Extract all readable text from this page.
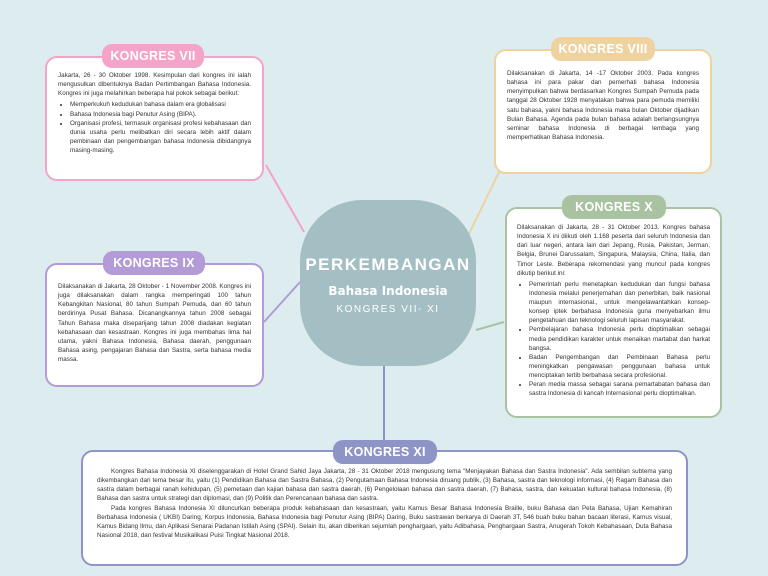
PERKEMBANGAN
Bahasa Indonesia
KONGRES VII- XI

Jakarta, 26 - 30 Oktober 1998. Kesimpulan dari kongres ini ialah mengusulkan dibentuknya Badan Pertimbangan Bahasa Indonesia. Kongres ini juga melahirkan beberapa hal pokok sebagai berikut:

• Memperkukuh kedudukan bahasa dalam era globalisasi
• Bahasa Indonesia bagi Penutur Asing (BIPA).
• Organisasi profesi, termasuk organisasi profesi kebahasaan dan dunia usaha perlu melibatkan diri secara lebih aktif dalam pembinaan dan pengembangan bahasa Indonesia dibidangnya masing-masing.
KONGRES VII

Dilaksanakan di Jakarta, 14 -17 Oktober 2003. Pada kongres bahasa ini para pakar dan pemerhati bahasa Indonesia menyimpulkan bahwa berdasarkan Kongres Sumpah Pemuda pada tanggal 28 Oktober 1928 menyatakan bahwa para pemuda memiliki satu bahasa, yakni bahasa Indonesia maka bulan Oktober dijadikan Bulan Bahasa. Agenda pada bulan bahasa adalah berlangsungnya seminar bahasa Indonesia di berbagai lembaga yang memperhatikan Bahasa Indonesia.

KONGRES VIII

Dilaksanakan di Jakarta, 28 Oktober - 1 November 2008. Kongres ini juga dilaksanakan dalam rangka memperingati 100 tahun Kebangkitan Nasional, 80 tahun Sumpah Pemuda, dan 60 tahun berdirinya Pusat Bahasa. Dicanangkannya tahun 2008 sebagai Tahun Bahasa maka diseparijang tahun 2008 diadakan kegiatan kebahasaan dan kesastraan. Kongres ini juga membahas lima hal utama, yakni Bahasa Indonesia, Bahasa daerah, penggunaan Bahasa asing, pengajaran Bahasa dan Sastra, serta bahasa media massa.

KONGRES IX

Dilaksanakan di Jakarta, 28 - 31 Oktober 2013. Kongres bahasa Indonesia X ini diikuti oleh 1.168 peserta dari seluruh Indonesia dan dari luar negeri, antara lain dari Jepang, Rusia, Pakistan, Jerman, Belgia, Brunei Darussalam, Singapura, Malaysia, China, Italia, dan Timor Leste. Beberapa rekomendasi yang muncul pada kongres dikutip berikut ini:

• Pemerintah perlu menetapkan kedudukan dan fungsi bahasa Indonesia melalui penerjemahan dan penerbitan, baik nasional maupun internasional., untuk mengelawantahkan konsep- konsep iptek berbahasa Indonesia guna menyebarkan ilmu pengetahuan dan teknologi seluruh lapisan masyarakat.
• Pembelajaran bahasa Indonesia perlu dioptimalkan sebagai media pendidikan karakter untuk menaikan martabat dan harkat bangsa.
• Badan Pengembangan dan Pembinaan Bahasa perlu meningkatkan pengawasan penggunaan bahasa untuk menciptakan tertib berbahasa secara profesional.
• Peran media massa sebagai sarana pemartabatan bahasa dan sastra Indonesia di kancah Internasional perlu dioptimalkan.
KONGRES X

Kongres Bahasa Indonesia XI diselenggarakan di Hotel Grand Sahid Jaya Jakarta, 28 - 31 Oktober 2018 mengusung tema "Menjayakan Bahasa dan Sastra Indonesia". Ada sembilan subtema yang dikembangkan dari tema besar itu, yaitu (1) Pendidikan Bahasa dan Sastra Bahasa, (2) Pengutamaan Bahasa Indonesia diruang publik, (3) Bahasa, sastra dan teknologi informasi, (4) Ragam Bahasa dan sastra dalam berbagai ranah kehidupan, (5) pemetaan dan kajian bahasa dan sastra daerah, (6) Pengelolaan bahasa dan sastra daerah, (7) Bahasa, sastra, dan kekuatan kultural bahasa Indonesia, (8) Bahasa dan sastra untuk strategi dan diplomasi, dan (9) Politik dan Perencanaan bahasa dan sastra.

Pada kongres Bahasa Indonesia XI diluncurkan beberapa produk kebahasaan dan kesastraan, yaitu Kamus Besar Bahasa Indonesia Braille, buku Bahasa dan Peta Bahasa, Ujian Kemahiran Berbahasa Indonesia ( UKBI) Daring, Korpus Indonesia, Bahasa Indonesia bagi Penutur Asing (BIPA) Daring, Buku sastrawan berkarya di Daerah 3T, 546 buah buku bahan bacaan literasi, Kamus visual, Kamus Bidang Ilmu, dan Aplikasi Senarai Padanan Istilah Asing (SPAI). Selain itu, akan diberikan sejumlah penghargaan, yaitu Adibahasa, Penghargaan Sastra, Anugerah Tokoh Kebahasaan, Duta Bahasa Nasional 2018, dan festival Musikalikasi Puisi Tingkat Nasional 2018.

KONGRES XI
